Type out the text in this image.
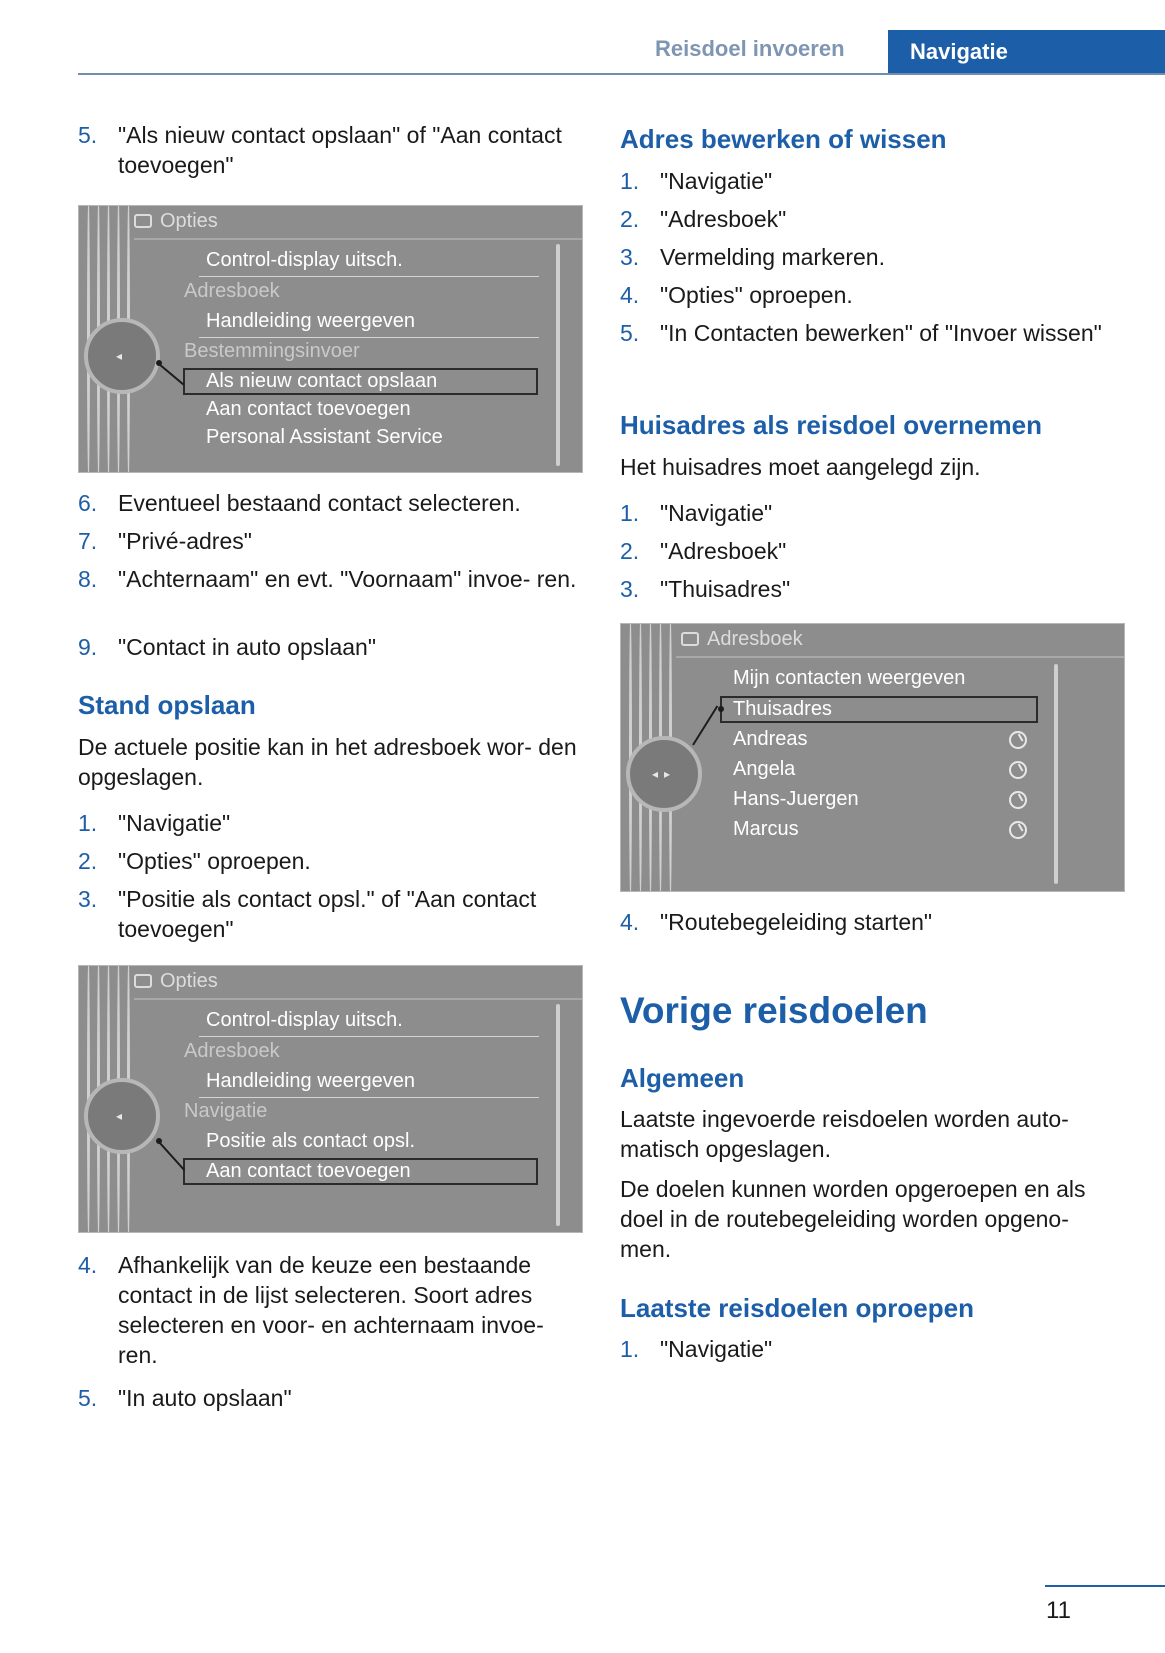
Reisdoel invoeren	Navigatie
5. "Als nieuw contact opslaan" of "Aan contact toevoegen"
Opties
◂
Control-display uitsch.
Adresboek
Handleiding weergeven
Bestemmingsinvoer
Als nieuw contact opslaan
Aan contact toevoegen
Personal Assistant Service
6. Eventueel bestaand contact selecteren.
7. "Privé-adres"
8. "Achternaam" en evt. "Voornaam" invoe‐ ren.
9. "Contact in auto opslaan"
Stand opslaan
De actuele positie kan in het adresboek wor‐ den opgeslagen.
1. "Navigatie"
2. "Opties" oproepen.
3. "Positie als contact opsl." of "Aan contact toevoegen"
Opties
◂
Control-display uitsch.
Adresboek
Handleiding weergeven
Navigatie
Positie als contact opsl.
Aan contact toevoegen
4. Afhankelijk van de keuze een bestaande contact in de lijst selecteren. Soort adres selecteren en voor- en achternaam invoe‐ ren.
5. "In auto opslaan"
Adres bewerken of wissen
1. "Navigatie"
2. "Adresboek"
3. Vermelding markeren.
4. "Opties" oproepen.
5. "In Contacten bewerken" of "Invoer wissen"
Huisadres als reisdoel overnemen
Het huisadres moet aangelegd zijn.
1. "Navigatie"
2. "Adresboek"
3. "Thuisadres"
Adresboek
◂▸
Mijn contacten weergeven
Thuisadres
Andreas
Angela
Hans-Juergen
Marcus
4. "Routebegeleiding starten"
Vorige reisdoelen
Algemeen
Laatste ingevoerde reisdoelen worden auto‐ matisch opgeslagen.
De doelen kunnen worden opgeroepen en als doel in de routebegeleiding worden opgeno‐ men.
Laatste reisdoelen oproepen
1. "Navigatie"
11
